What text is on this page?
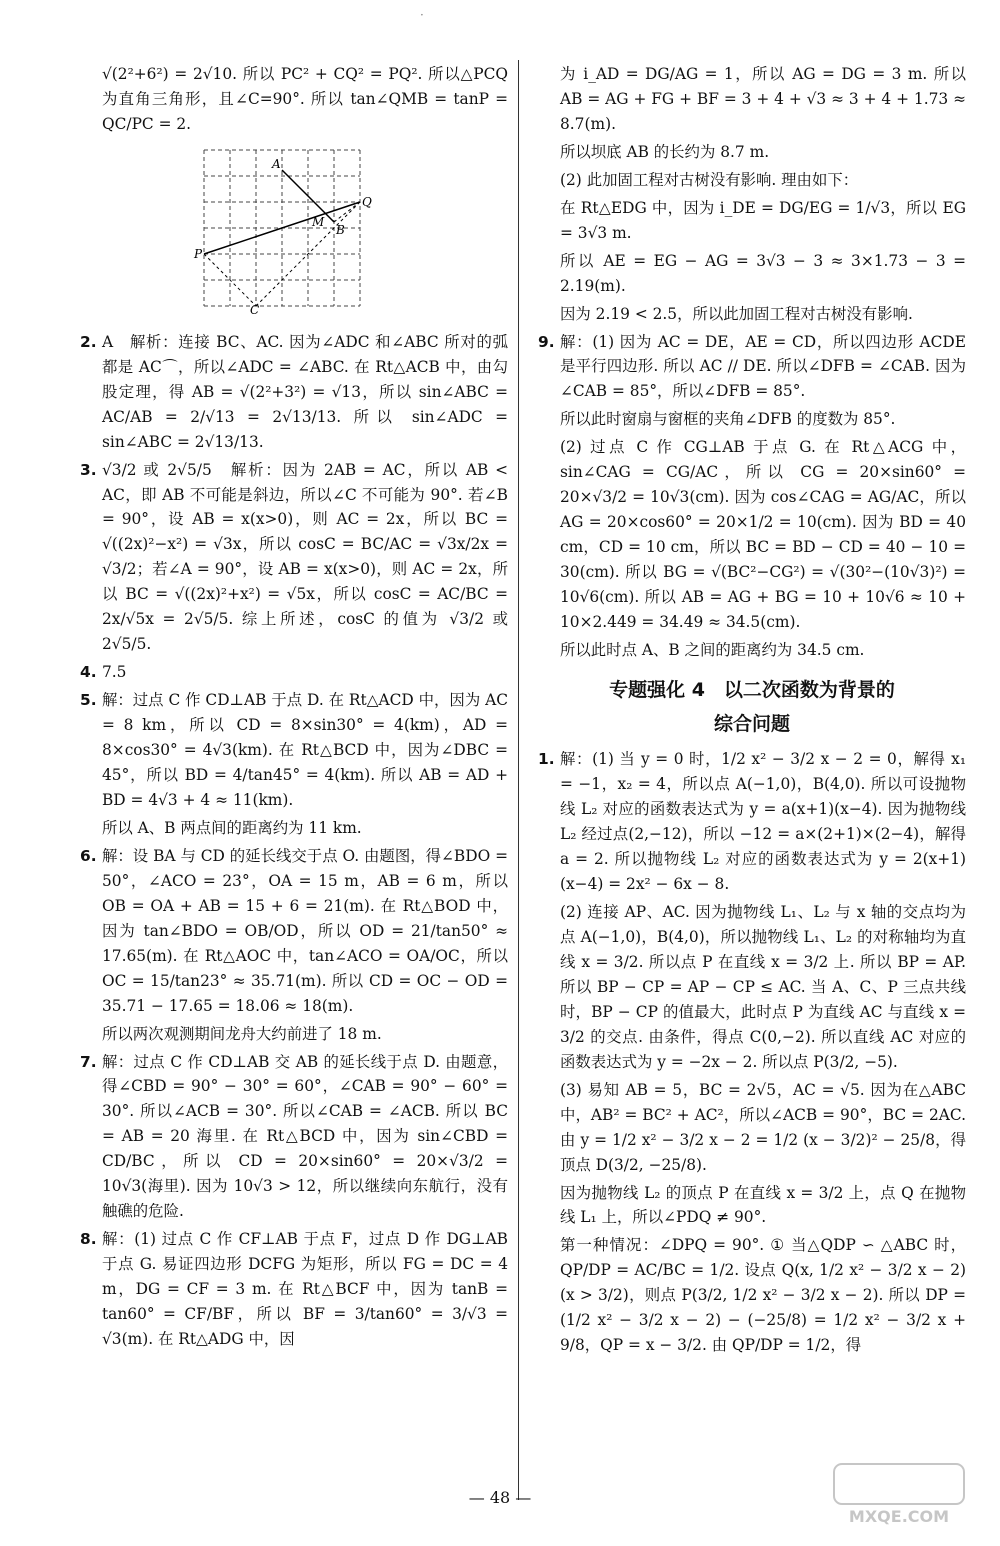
·
√(2²+6²) = 2√10. 所以 PC² + CQ² = PQ². 所以△PCQ 为直角三角形，且∠C=90°. 所以 tan∠QMB = tanP = QC/PC = 2.
A
B
C
P
Q
M
2. A　解析：连接 BC、AC. 因为∠ADC 和∠ABC 所对的弧都是 AC⌒，所以∠ADC = ∠ABC. 在 Rt△ACB 中，由勾股定理，得 AB = √(2²+3²) = √13，所以 sin∠ABC = AC/AB = 2/√13 = 2√13/13. 所以 sin∠ADC = sin∠ABC = 2√13/13.
3. √3/2 或 2√5/5　解析：因为 2AB = AC，所以 AB < AC，即 AB 不可能是斜边，所以∠C 不可能为 90°. 若∠B = 90°，设 AB = x(x>0)，则 AC = 2x，所以 BC = √((2x)²−x²) = √3x，所以 cosC = BC/AC = √3x/2x = √3/2；若∠A = 90°，设 AB = x(x>0)，则 AC = 2x，所以 BC = √((2x)²+x²) = √5x，所以 cosC = AC/BC = 2x/√5x = 2√5/5. 综上所述，cosC 的值为 √3/2 或 2√5/5.
4. 7.5
5. 解：过点 C 作 CD⊥AB 于点 D. 在 Rt△ACD 中，因为 AC = 8 km，所以 CD = 8×sin30° = 4(km)，AD = 8×cos30° = 4√3(km). 在 Rt△BCD 中，因为∠DBC = 45°，所以 BD = 4/tan45° = 4(km). 所以 AB = AD + BD = 4√3 + 4 ≈ 11(km).
所以 A、B 两点间的距离约为 11 km.
6. 解：设 BA 与 CD 的延长线交于点 O. 由题图，得∠BDO = 50°，∠ACO = 23°，OA = 15 m，AB = 6 m，所以 OB = OA + AB = 15 + 6 = 21(m). 在 Rt△BOD 中，因为 tan∠BDO = OB/OD，所以 OD = 21/tan50° ≈ 17.65(m). 在 Rt△AOC 中，tan∠ACO = OA/OC，所以 OC = 15/tan23° ≈ 35.71(m). 所以 CD = OC − OD = 35.71 − 17.65 = 18.06 ≈ 18(m).
所以两次观测期间龙舟大约前进了 18 m.
7. 解：过点 C 作 CD⊥AB 交 AB 的延长线于点 D. 由题意，得∠CBD = 90° − 30° = 60°，∠CAB = 90° − 60° = 30°. 所以∠ACB = 30°. 所以∠CAB = ∠ACB. 所以 BC = AB = 20 海里. 在 Rt△BCD 中，因为 sin∠CBD = CD/BC，所以 CD = 20×sin60° = 20×√3/2 = 10√3(海里). 因为 10√3 > 12，所以继续向东航行，没有触礁的危险.
8. 解：(1) 过点 C 作 CF⊥AB 于点 F，过点 D 作 DG⊥AB 于点 G. 易证四边形 DCFG 为矩形，所以 FG = DC = 4 m，DG = CF = 3 m. 在 Rt△BCF 中，因为 tanB = tan60° = CF/BF，所以 BF = 3/tan60° = 3/√3 = √3(m). 在 Rt△ADG 中，因
为 i_AD = DG/AG = 1，所以 AG = DG = 3 m. 所以 AB = AG + FG + BF = 3 + 4 + √3 ≈ 3 + 4 + 1.73 ≈ 8.7(m).
所以坝底 AB 的长约为 8.7 m.
(2) 此加固工程对古树没有影响. 理由如下：
在 Rt△EDG 中，因为 i_DE = DG/EG = 1/√3，所以 EG = 3√3 m.
所以 AE = EG − AG = 3√3 − 3 ≈ 3×1.73 − 3 = 2.19(m).
因为 2.19 < 2.5，所以此加固工程对古树没有影响.
9. 解：(1) 因为 AC = DE，AE = CD，所以四边形 ACDE 是平行四边形. 所以 AC // DE. 所以∠DFB = ∠CAB. 因为∠CAB = 85°，所以∠DFB = 85°.
所以此时窗扇与窗框的夹角∠DFB 的度数为 85°.
(2) 过点 C 作 CG⊥AB 于点 G. 在 Rt△ACG 中，sin∠CAG = CG/AC，所以 CG = 20×sin60° = 20×√3/2 = 10√3(cm). 因为 cos∠CAG = AG/AC，所以 AG = 20×cos60° = 20×1/2 = 10(cm). 因为 BD = 40 cm，CD = 10 cm，所以 BC = BD − CD = 40 − 10 = 30(cm). 所以 BG = √(BC²−CG²) = √(30²−(10√3)²) = 10√6(cm). 所以 AB = AG + BG = 10 + 10√6 ≈ 10 + 10×2.449 = 34.49 ≈ 34.5(cm).
所以此时点 A、B 之间的距离约为 34.5 cm.
专题强化 4　以二次函数为背景的
综合问题
1. 解：(1) 当 y = 0 时，1/2 x² − 3/2 x − 2 = 0，解得 x₁ = −1，x₂ = 4，所以点 A(−1,0)，B(4,0). 所以可设抛物线 L₂ 对应的函数表达式为 y = a(x+1)(x−4). 因为抛物线 L₂ 经过点(2,−12)，所以 −12 = a×(2+1)×(2−4)，解得 a = 2. 所以抛物线 L₂ 对应的函数表达式为 y = 2(x+1)(x−4) = 2x² − 6x − 8.
(2) 连接 AP、AC. 因为抛物线 L₁、L₂ 与 x 轴的交点均为点 A(−1,0)，B(4,0)，所以抛物线 L₁、L₂ 的对称轴均为直线 x = 3/2. 所以点 P 在直线 x = 3/2 上. 所以 BP = AP. 所以 BP − CP = AP − CP ≤ AC. 当 A、C、P 三点共线时，BP − CP 的值最大，此时点 P 为直线 AC 与直线 x = 3/2 的交点. 由条件，得点 C(0,−2). 所以直线 AC 对应的函数表达式为 y = −2x − 2. 所以点 P(3/2, −5).
(3) 易知 AB = 5，BC = 2√5，AC = √5. 因为在△ABC 中，AB² = BC² + AC²，所以∠ACB = 90°，BC = 2AC. 由 y = 1/2 x² − 3/2 x − 2 = 1/2 (x − 3/2)² − 25/8，得顶点 D(3/2, −25/8).
因为抛物线 L₂ 的顶点 P 在直线 x = 3/2 上，点 Q 在抛物线 L₁ 上，所以∠PDQ ≠ 90°.
第一种情况：∠DPQ = 90°. ① 当△QDP ∽ △ABC 时，QP/DP = AC/BC = 1/2. 设点 Q(x, 1/2 x² − 3/2 x − 2)(x > 3/2)，则点 P(3/2, 1/2 x² − 3/2 x − 2). 所以 DP = (1/2 x² − 3/2 x − 2) − (−25/8) = 1/2 x² − 3/2 x + 9/8，QP = x − 3/2. 由 QP/DP = 1/2，得
— 48 —
MXQE.COM
